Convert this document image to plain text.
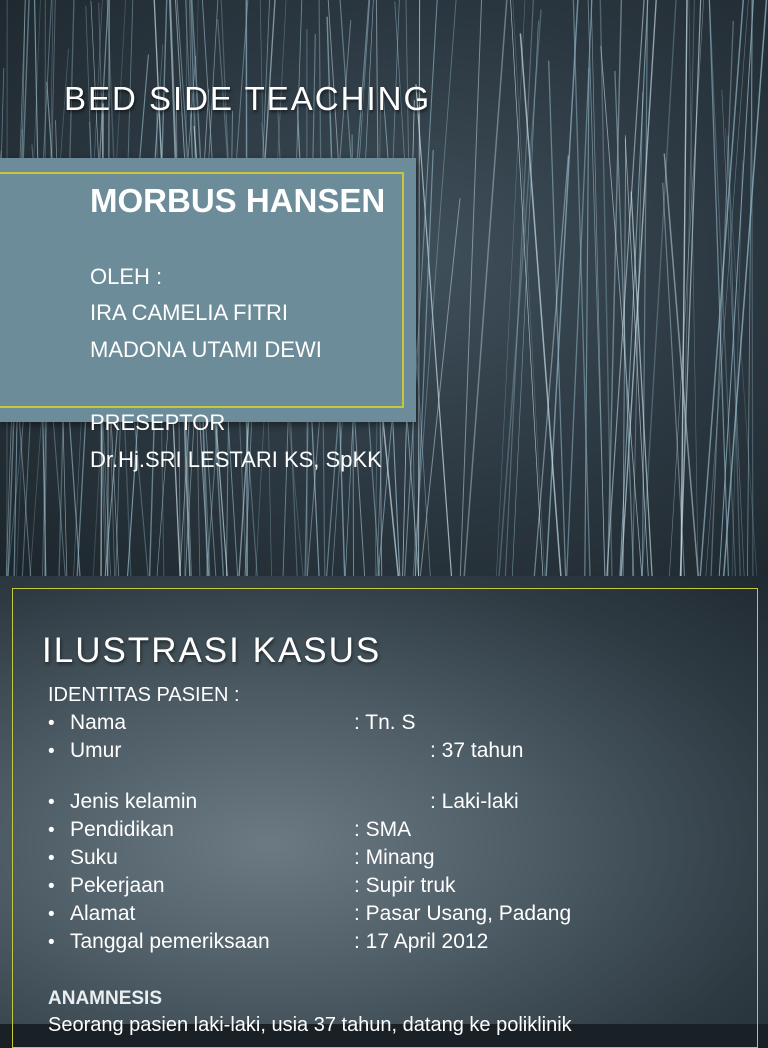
BED SIDE TEACHING
MORBUS HANSEN
OLEH :
IRA CAMELIA FITRI
MADONA UTAMI DEWI
PRESEPTOR
Dr.Hj.SRI LESTARI KS, SpKK
ILUSTRASI KASUS
IDENTITAS PASIEN :
• Nama	: Tn. S
• Umur	: 37 tahun
• Jenis kelamin	: Laki-laki
• Pendidikan	: SMA
• Suku	: Minang
• Pekerjaan	: Supir truk
• Alamat	: Pasar Usang, Padang
• Tanggal pemeriksaan	: 17 April 2012
ANAMNESIS
Seorang pasien laki-laki, usia 37 tahun, datang ke poliklinik
